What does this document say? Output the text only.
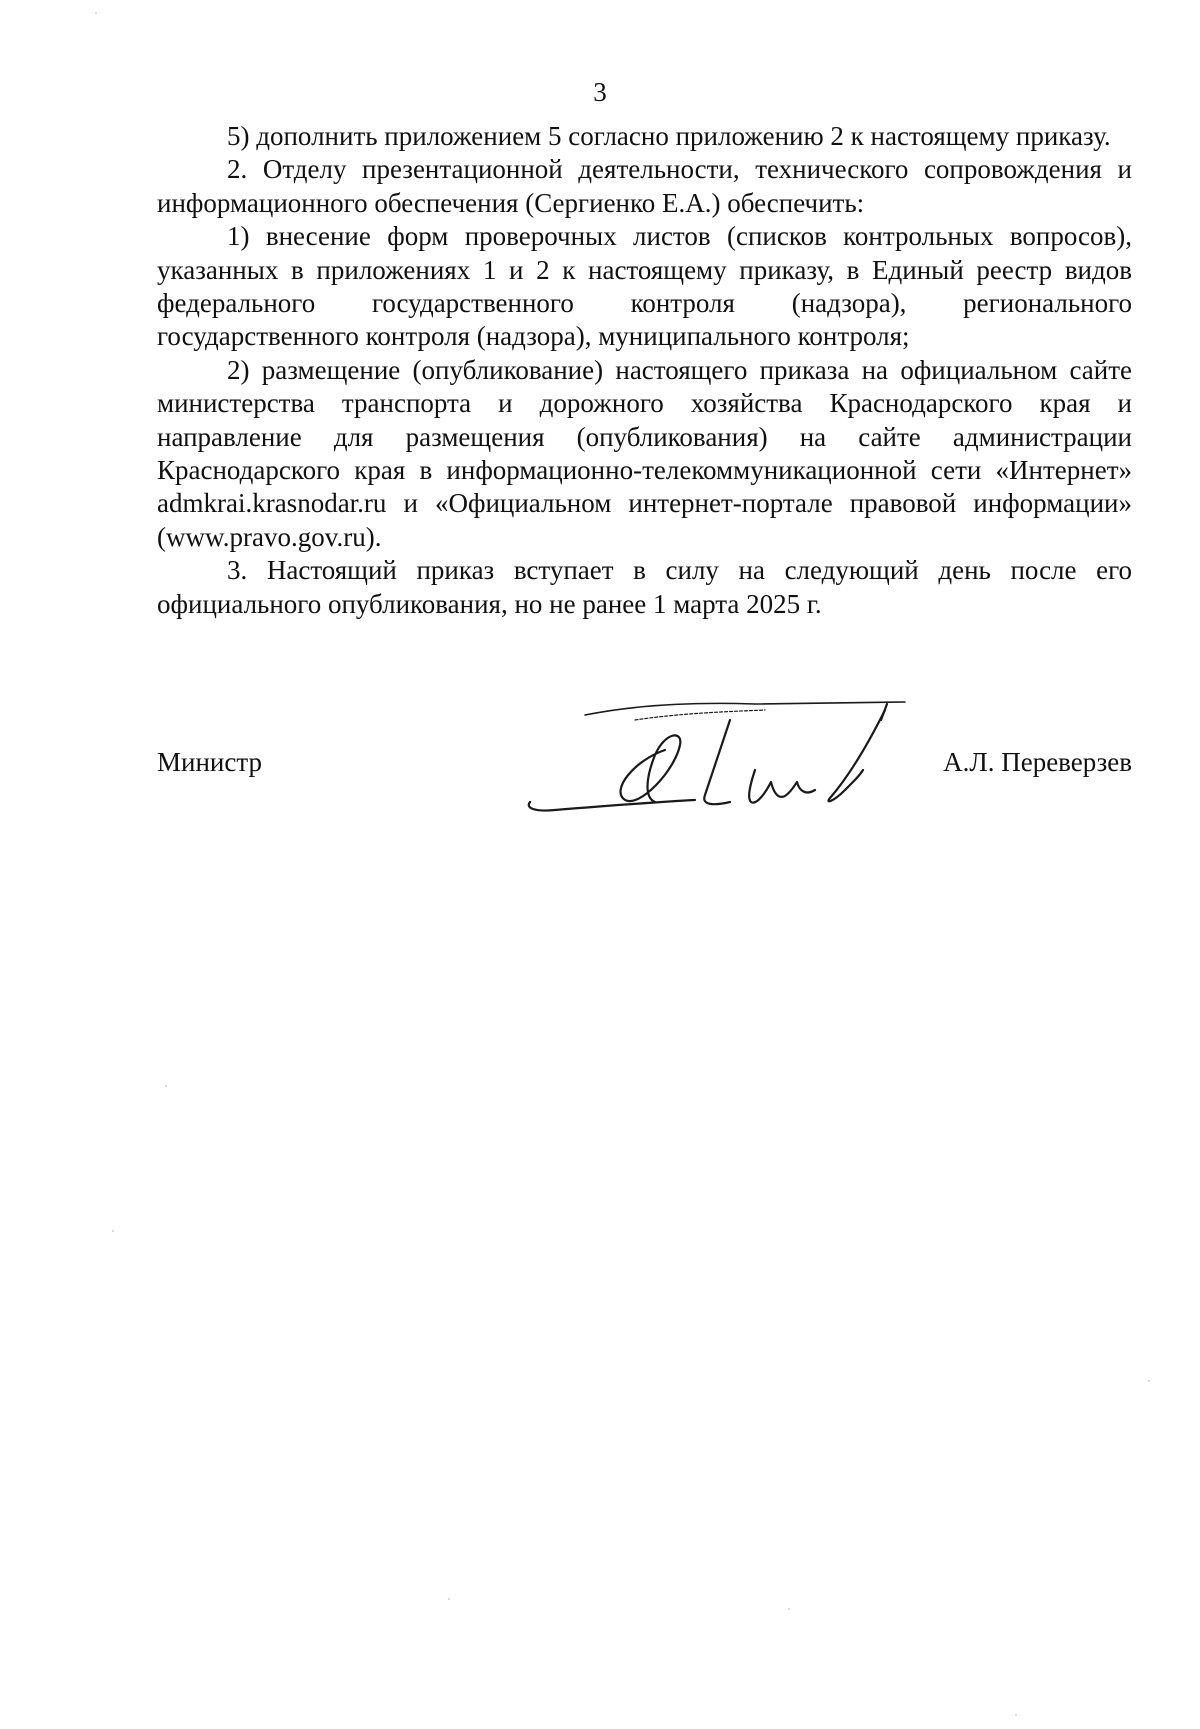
3

5) дополнить приложением 5 согласно приложению 2 к настоящему приказу.

2. Отделу презентационной деятельности, технического сопровождения и информационного обеспечения (Сергиенко Е.А.) обеспечить:

1) внесение форм проверочных листов (списков контрольных вопросов), указанных в приложениях 1 и 2 к настоящему приказу, в Единый реестр видов федерального государственного контроля (надзора), регионального государственного контроля (надзора), муниципального контроля;

2) размещение (опубликование) настоящего приказа на официальном сайте министерства транспорта и дорожного хозяйства Краснодарского края и направление для размещения (опубликования) на сайте администрации Краснодарского края в информационно-телекоммуникационной сети «Интернет» admkrai.krasnodar.ru и «Официальном интернет-портале правовой информации» (www.pravo.gov.ru).

3. Настоящий приказ вступает в силу на следующий день после его официального опубликования, но не ранее 1 марта 2025 г.

Министр	А.Л. Переверзев
